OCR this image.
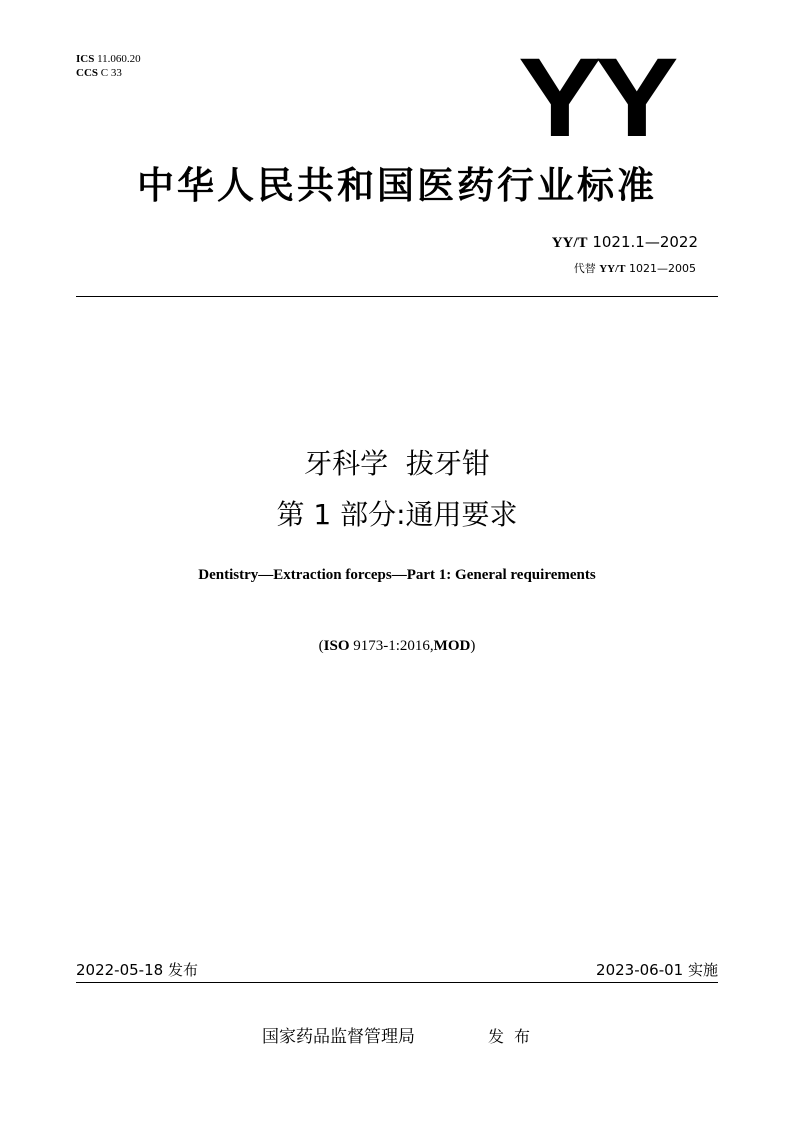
ICS 11.060.20
CCS C 33	YY
中华人民共和国医药行业标准
YY/T 1021.1—2022
代替 YY/T 1021—2005
牙科学  拔牙钳
第 1 部分:通用要求
Dentistry—Extraction forceps—Part 1: General requirements
(ISO 9173-1:2016,MOD)
2022-05-18 发布	2023-06-01 实施
国家药品监督管理局	发布
